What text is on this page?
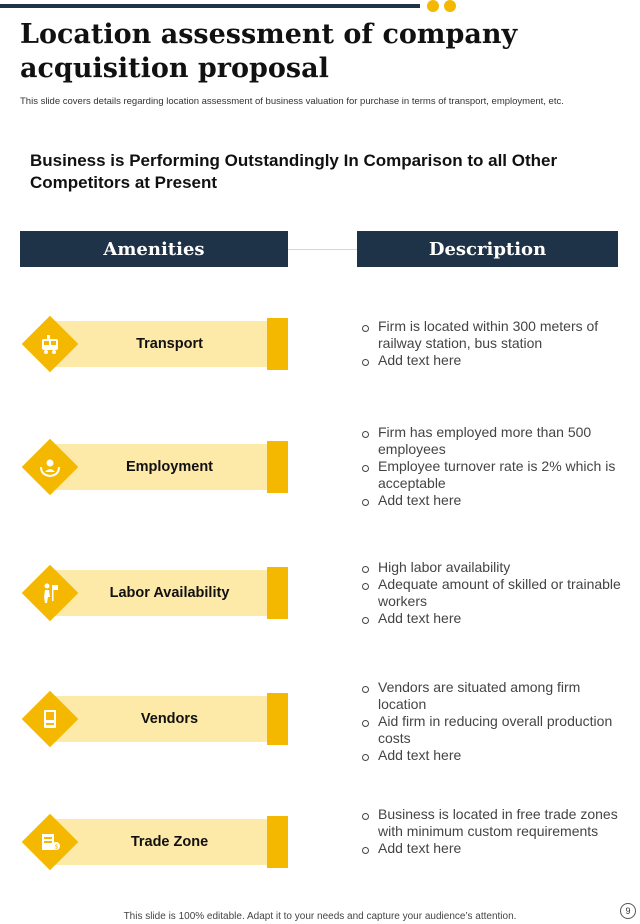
Location assessment of company acquisition proposal
This slide covers details regarding location assessment of business valuation for purchase in terms of transport, employment, etc.
Business is Performing Outstandingly In Comparison to all Other Competitors at Present
Amenities	Description
Transport
Firm is located within 300 meters of railway station, bus station
Add text here
Employment
Firm has employed more than 500 employees
Employee turnover rate is 2% which is acceptable
Add text here
Labor Availability
High labor availability
Adequate amount of skilled or trainable workers
Add text here
Vendors
Vendors are situated among firm location
Aid firm in reducing overall production costs
Add text here
Trade Zone
$
Business is located in free trade zones with minimum custom requirements
Add text here
This slide is 100% editable. Adapt it to your needs and capture your audience’s attention.	9
